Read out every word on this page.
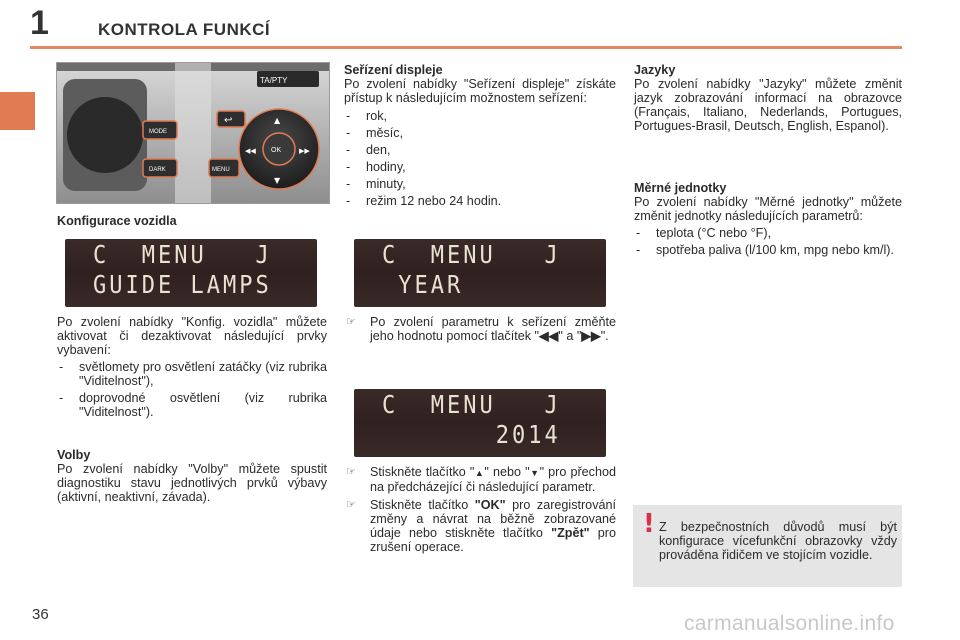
1	KONTROLA FUNKCÍ
TA/PTY
MODE
DARK	MENU
OK
↩
◀◀	▶▶
▲
▼

Konfigurace vozidla

C  MENU   J

GUIDE LAMPS

Po zvolení nabídky "Konfig. vozidla" můžete aktivovat či dezaktivovat následující prvky vybavení:

- světlomety pro osvětlení zatáčky (viz rubrika "Viditelnost"),
- doprovodné osvětlení (viz rubrika "Viditelnost").

Volby

Po zvolení nabídky "Volby" můžete spustit diagnostiku stavu jednotlivých prvků výbavy (aktivní, neaktivní, závada).

Seřízení displeje

Po zvolení nabídky "Seřízení displeje" získáte přístup k následujícím možnostem seřízení:

- rok,
- měsíc,
- den,
- hodiny,
- minuty,
- režim 12 nebo 24 hodin.

C  MENU   J

YEAR

☞ Po zvolení parametru k seřízení změňte jeho hodnotu pomocí tlačítek "◀◀" a "▶▶".

C  MENU   J

2014

☞ Stiskněte tlačítko "▲" nebo "▼" pro přechod na předcházející či následující parametr.
☞ Stiskněte tlačítko "OK" pro zaregistrování změny a návrat na běžně zobrazované údaje nebo stiskněte tlačítko "Zpět" pro zrušení operace.

Jazyky

Po zvolení nabídky "Jazyky" můžete změnit jazyk zobrazování informací na obrazovce (Français, Italiano, Nederlands, Portugues, Portugues-Brasil, Deutsch, English, Espanol).

Měrné jednotky

Po zvolení nabídky "Měrné jednotky" můžete změnit jednotky následujících parametrů:

- teplota (°C nebo °F),
- spotřeba paliva (l/100 km, mpg nebo km/l).
! Z bezpečnostních důvodů musí být konfigurace vícefunkční obrazovky vždy prováděna řidičem ve stojícím vozidle.
36	carmanualsonline.info
